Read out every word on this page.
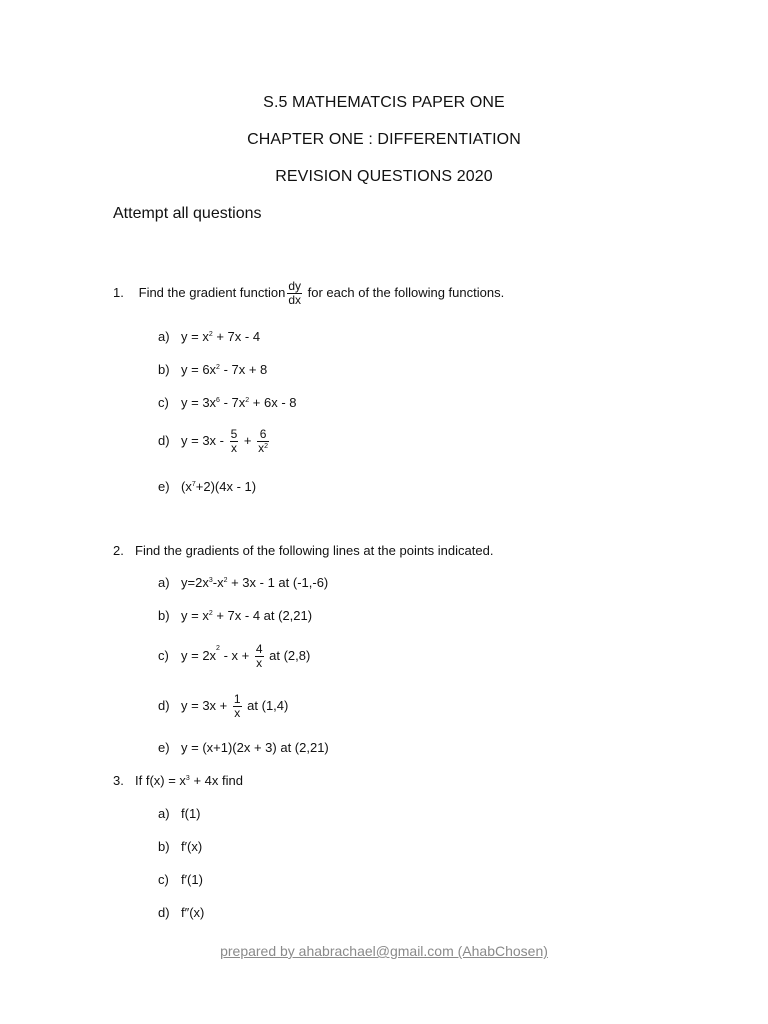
S.5 MATHEMATCIS PAPER ONE
CHAPTER ONE : DIFFERENTIATION
REVISION QUESTIONS 2020
Attempt all questions
1. Find the gradient function $\frac{dy}{dx}$ for each of the following functions.
a) $y = x^2 + 7x - 4$
b) $y = 6x^2 - 7x + 8$
c) $y = 3x^6 - 7x^2 + 6x - 8$
d) $y = 3x - \frac{5}{x} + \frac{6}{x^2}$
e) $(x^7+2)(4x - 1)$
2. Find the gradients of the following lines at the points indicated.
a) $y=2x^3-x^2 + 3x - 1$ at (-1,-6)
b) $y = x^2 + 7x - 4$ at (2,21)
c) $y = 2x^2 - x + \frac{4}{x}$ at (2,8)
d) $y = 3x + \frac{1}{x}$ at (1,4)
e) y = (x+1)(2x + 3) at (2,21)
3. If $f(x) = x^3 + 4x$ find
a) f(1)
b) f′(x)
c) f′(1)
d) f″(x)
prepared by ahabrachael@gmail.com (AhabChosen)
